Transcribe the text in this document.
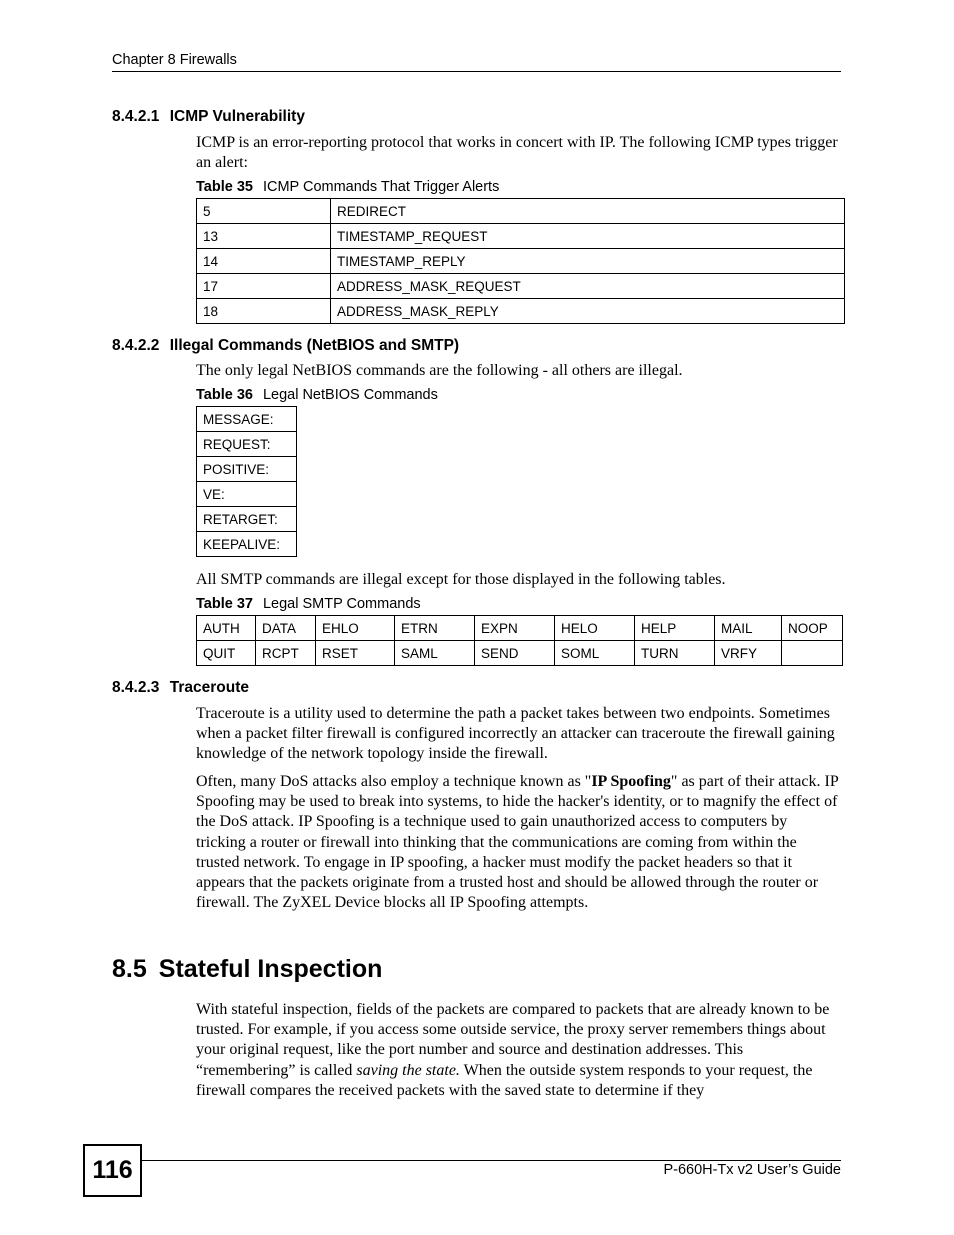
Chapter 8 Firewalls
8.4.2.1 ICMP Vulnerability

ICMP is an error-reporting protocol that works in concert with IP. The following ICMP types trigger an alert:

Table 35 ICMP Commands That Trigger Alerts
5	REDIRECT
13	TIMESTAMP_REQUEST
14	TIMESTAMP_REPLY
17	ADDRESS_MASK_REQUEST
18	ADDRESS_MASK_REPLY
8.4.2.2 Illegal Commands (NetBIOS and SMTP)

The only legal NetBIOS commands are the following - all others are illegal.

Table 36 Legal NetBIOS Commands
MESSAGE:
REQUEST:
POSITIVE:
VE:
RETARGET:
KEEPALIVE:

All SMTP commands are illegal except for those displayed in the following tables.

Table 37 Legal SMTP Commands
AUTH	DATA	EHLO	ETRN	EXPN	HELO	HELP	MAIL	NOOP
QUIT	RCPT	RSET	SAML	SEND	SOML	TURN	VRFY	
8.4.2.3 Traceroute

Traceroute is a utility used to determine the path a packet takes between two endpoints. Sometimes when a packet filter firewall is configured incorrectly an attacker can traceroute the firewall gaining knowledge of the network topology inside the firewall.

Often, many DoS attacks also employ a technique known as "IP Spoofing" as part of their attack. IP Spoofing may be used to break into systems, to hide the hacker's identity, or to magnify the effect of the DoS attack. IP Spoofing is a technique used to gain unauthorized access to computers by tricking a router or firewall into thinking that the communications are coming from within the trusted network. To engage in IP spoofing, a hacker must modify the packet headers so that it appears that the packets originate from a trusted host and should be allowed through the router or firewall. The ZyXEL Device blocks all IP Spoofing attempts.

8.5 Stateful Inspection

With stateful inspection, fields of the packets are compared to packets that are already known to be trusted. For example, if you access some outside service, the proxy server remembers things about your original request, like the port number and source and destination addresses. This “remembering” is called saving the state. When the outside system responds to your request, the firewall compares the received packets with the saved state to determine if they

116	P-660H-Tx v2 User’s Guide
